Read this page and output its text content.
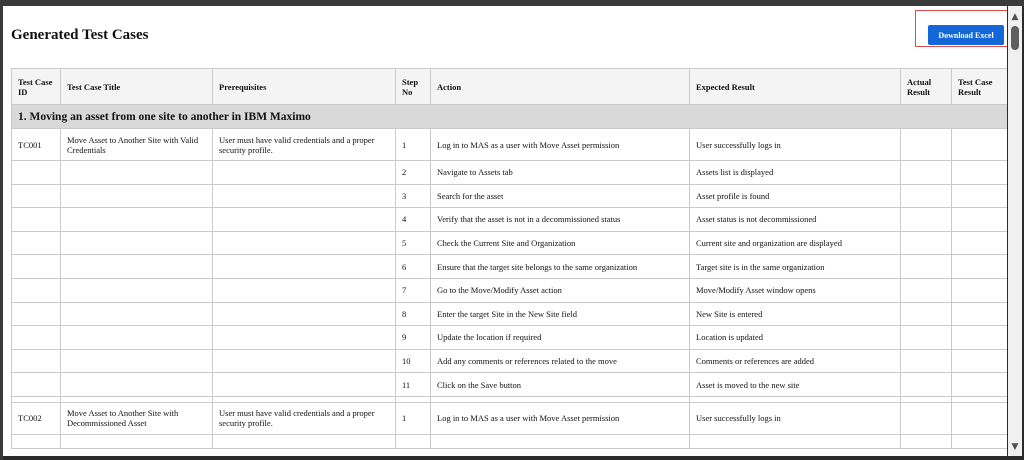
Generated Test Cases	Download Excel
Test Case ID	Test Case Title	Prerequisites	Step No	Action	Expected Result	Actual Result	Test Case Result
1. Moving an asset from one site to another in IBM Maximo							
TC001	Move Asset to Another Site with Valid Credentials	User must have valid credentials and a proper security profile.	1	Log in to MAS as a user with Move Asset permission	User successfully logs in		
			2	Navigate to Assets tab	Assets list is displayed		
			3	Search for the asset	Asset profile is found		
			4	Verify that the asset is not in a decommissioned status	Asset status is not decommissioned		
			5	Check the Current Site and Organization	Current site and organization are displayed		
			6	Ensure that the target site belongs to the same organization	Target site is in the same organization		
			7	Go to the Move/Modify Asset action	Move/Modify Asset window opens		
			8	Enter the target Site in the New Site field	New Site is entered		
			9	Update the location if required	Location is updated		
			10	Add any comments or references related to the move	Comments or references are added		
			11	Click on the Save button	Asset is moved to the new site		

TC002	Move Asset to Another Site with Decommissioned Asset	User must have valid credentials and a proper security profile.	1	Log in to MAS as a user with Move Asset permission	User successfully logs in		

▲
▼
